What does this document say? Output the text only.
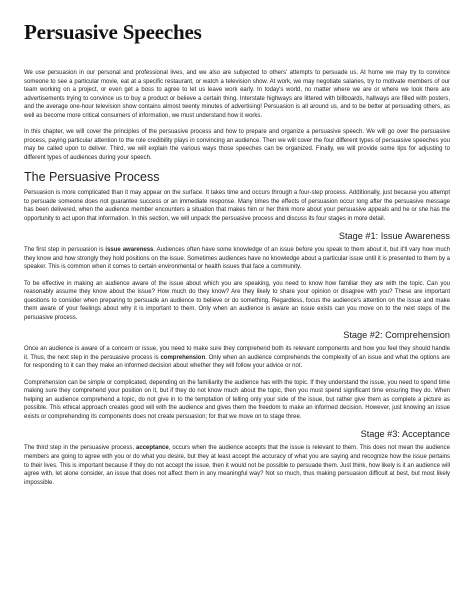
Persuasive Speeches

We use persuasion in our personal and professional lives, and we also are subjected to others' attempts to persuade us. At home we may try to convince someone to see a particular movie, eat at a specific restaurant, or watch a television show. At work, we may negotiate salaries, try to motivate members of our team working on a project, or even get a boss to agree to let us leave work early. In today's world, no matter where we are or where we look there are advertisements trying to convince us to buy a product or believe a certain thing. Interstate highways are littered with billboards, hallways are filled with posters, and the average one-hour television show contains almost twenty minutes of advertising! Persuasion is all around us, and to be better at persuading others, as well as become more critical consumers of information, we must understand how it works.

In this chapter, we will cover the principles of the persuasive process and how to prepare and organize a persuasive speech. We will go over the persuasive process, paying particular attention to the role credibility plays in convincing an audience. Then we will cover the four different types of persuasive speeches you may be called upon to deliver. Third, we will explain the various ways those speeches can be organized. Finally, we will provide some tips for adjusting to different types of audiences during your speech.

The Persuasive Process

Persuasion is more complicated than it may appear on the surface. It takes time and occurs through a four-step process. Additionally, just because you attempt to persuade someone does not guarantee success or an immediate response. Many times the effects of persuasion occur long after the persuasive message has been delivered, when the audience member encounters a situation that makes him or her think more about your persuasive appeals and he or she has the opportunity to act upon that information. In this section, we will unpack the persuasive process and discuss its four stages in more detail.

Stage #1: Issue Awareness

The first step in persuasion is issue awareness. Audiences often have some knowledge of an issue before you speak to them about it, but it'll vary how much they know and how strongly they hold positions on the issue. Sometimes audiences have no knowledge about a particular issue until it is presented to them by a speaker. This is common when it comes to certain environmental or health issues that face a community.

To be effective in making an audience aware of the issue about which you are speaking, you need to know how familiar they are with the topic. Can you reasonably assume they know about the issue? How much do they know? Are they likely to share your opinion or disagree with you? These are important questions to consider when preparing to persuade an audience to believe or do something. Regardless, focus the audience's attention on the issue and make them aware of your feelings about why it is important to them. Only when an audience is aware an issue exists can you move on to the next steps of the persuasive process.

Stage #2: Comprehension

Once an audience is aware of a concern or issue, you need to make sure they comprehend both its relevant components and how you feel they should handle it. Thus, the next step in the persuasive process is comprehension. Only when an audience comprehends the complexity of an issue and what the options are for responding to it can they make an informed decision about whether they will follow your advice or not.

Comprehension can be simple or complicated, depending on the familiarity the audience has with the topic. If they understand the issue, you need to spend time making sure they comprehend your position on it, but if they do not know much about the topic, then you must spend significant time ensuring they do. When helping an audience comprehend a topic, do not give in to the temptation of telling only your side of the issue, but rather give them as complete a picture as possible. This ethical approach creates good will with the audience and gives them the freedom to make an informed decision. However, just knowing an issue exists or comprehending its components does not create persuasion; for that we move on to stage three.

Stage #3: Acceptance

The third step in the persuasive process, acceptance, occurs when the audience accepts that the issue is relevant to them. This does not mean the audience members are going to agree with you or do what you desire, but they at least accept the accuracy of what you are saying and recognize how the issue pertains to their lives. This is important because if they do not accept the issue, then it would not be possible to persuade them. Just think, how likely is it an audience will agree with, let alone consider, an issue that does not affect them in any meaningful way? Not so much, thus making persuasion difficult at best, but most likely impossible.
